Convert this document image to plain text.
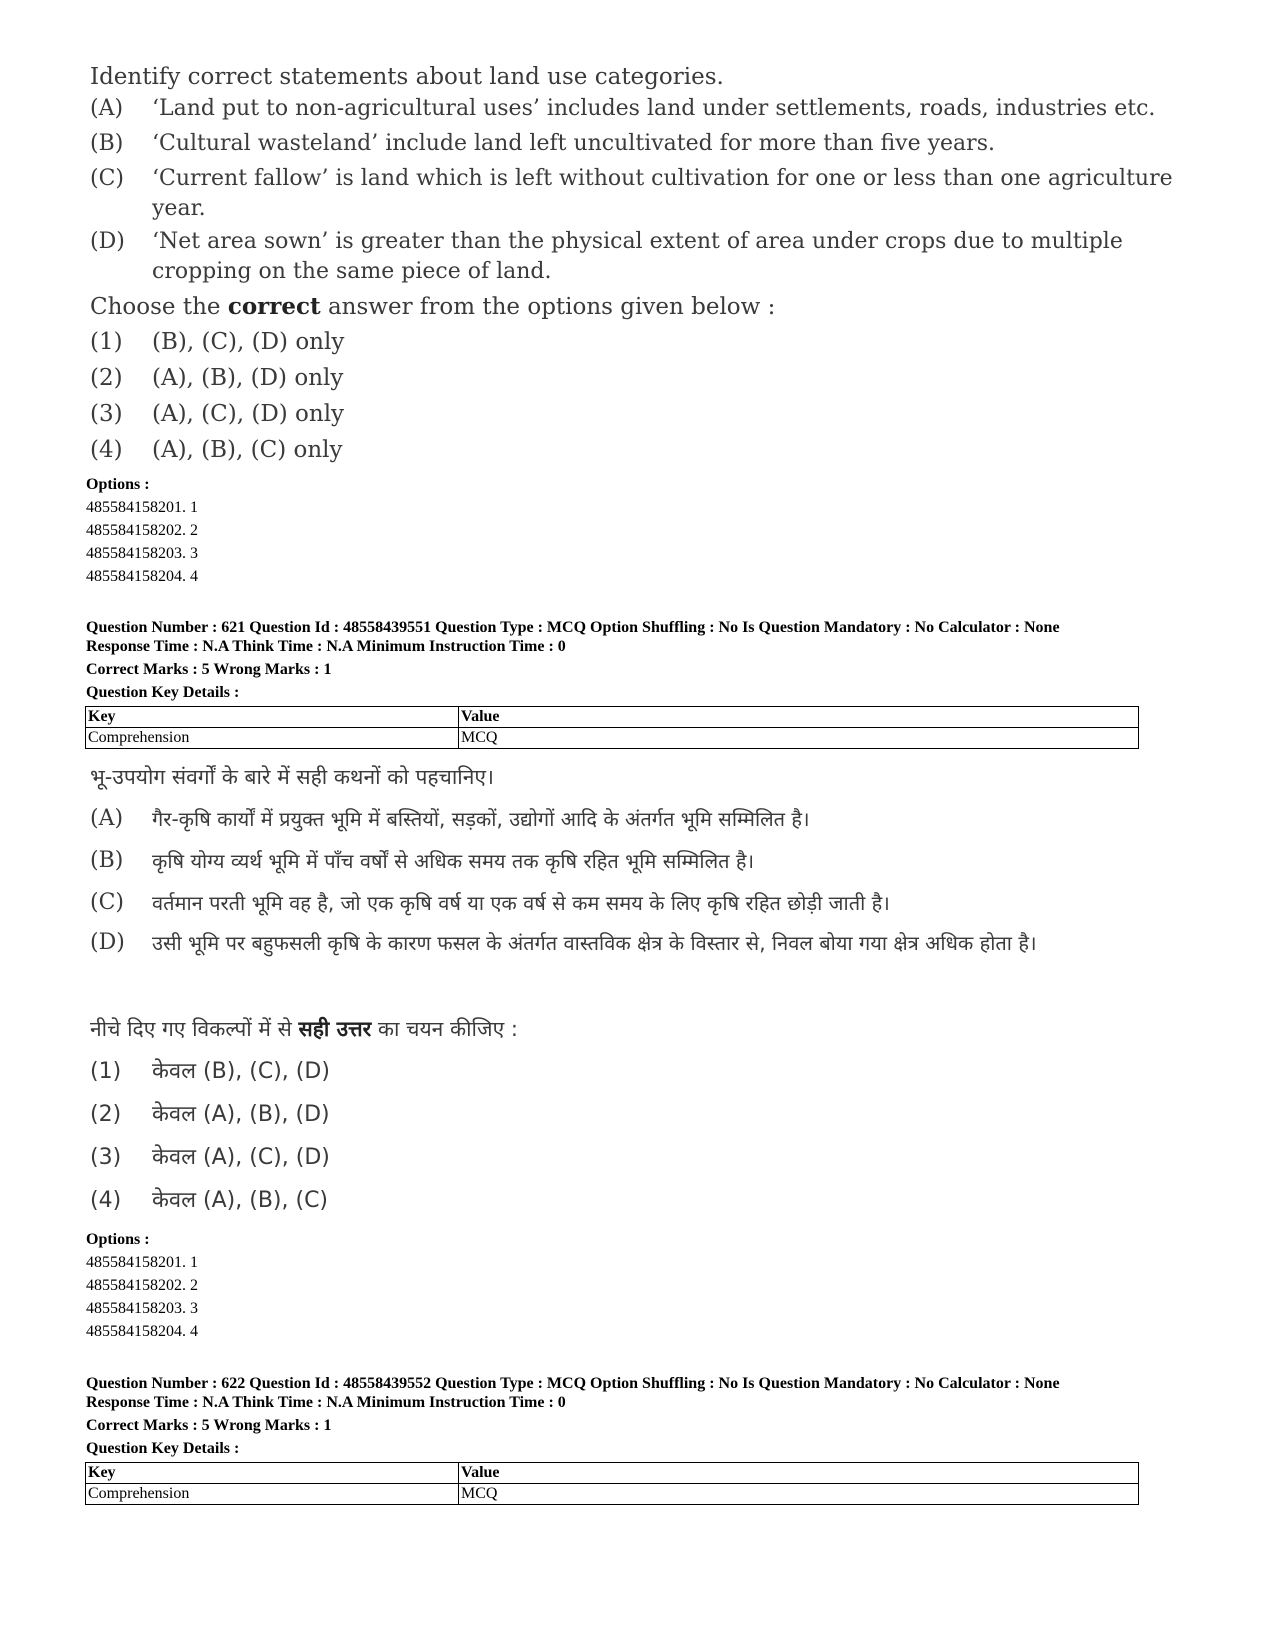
Identify correct statements about land use categories.
(A)	‘Land put to non-agricultural uses’ includes land under settlements, roads, industries etc.
(B)	‘Cultural wasteland’ include land left uncultivated for more than five years.
(C)	‘Current fallow’ is land which is left without cultivation for one or less than one agriculture year.
(D)	‘Net area sown’ is greater than the physical extent of area under crops due to multiple cropping on the same piece of land.
Choose the correct answer from the options given below :
(1)	(B), (C), (D) only
(2)	(A), (B), (D) only
(3)	(A), (C), (D) only
(4)	(A), (B), (C) only
Options :
485584158201. 1
485584158202. 2
485584158203. 3
485584158204. 4
Question Number : 621 Question Id : 48558439551 Question Type : MCQ Option Shuffling : No Is Question Mandatory : No Calculator : None
Response Time : N.A Think Time : N.A Minimum Instruction Time : 0
Correct Marks : 5 Wrong Marks : 1
Question Key Details :
Key	Value
Comprehension	MCQ
भू-उपयोग संवर्गों के बारे में सही कथनों को पहचानिए।
(A)	गैर-कृषि कार्यों में प्रयुक्त भूमि में बस्तियों, सड़कों, उद्योगों आदि के अंतर्गत भूमि सम्मिलित है।
(B)	कृषि योग्य व्यर्थ भूमि में पाँच वर्षों से अधिक समय तक कृषि रहित भूमि सम्मिलित है।
(C)	वर्तमान परती भूमि वह है, जो एक कृषि वर्ष या एक वर्ष से कम समय के लिए कृषि रहित छोड़ी जाती है।
(D)	उसी भूमि पर बहुफसली कृषि के कारण फसल के अंतर्गत वास्तविक क्षेत्र के विस्तार से, निवल बोया गया क्षेत्र अधिक होता है।
नीचे दिए गए विकल्पों में से सही उत्तर का चयन कीजिए :
(1)	केवल (B), (C), (D)
(2)	केवल (A), (B), (D)
(3)	केवल (A), (C), (D)
(4)	केवल (A), (B), (C)
Options :
485584158201. 1
485584158202. 2
485584158203. 3
485584158204. 4
Question Number : 622 Question Id : 48558439552 Question Type : MCQ Option Shuffling : No Is Question Mandatory : No Calculator : None
Response Time : N.A Think Time : N.A Minimum Instruction Time : 0
Correct Marks : 5 Wrong Marks : 1
Question Key Details :
Key	Value
Comprehension	MCQ
